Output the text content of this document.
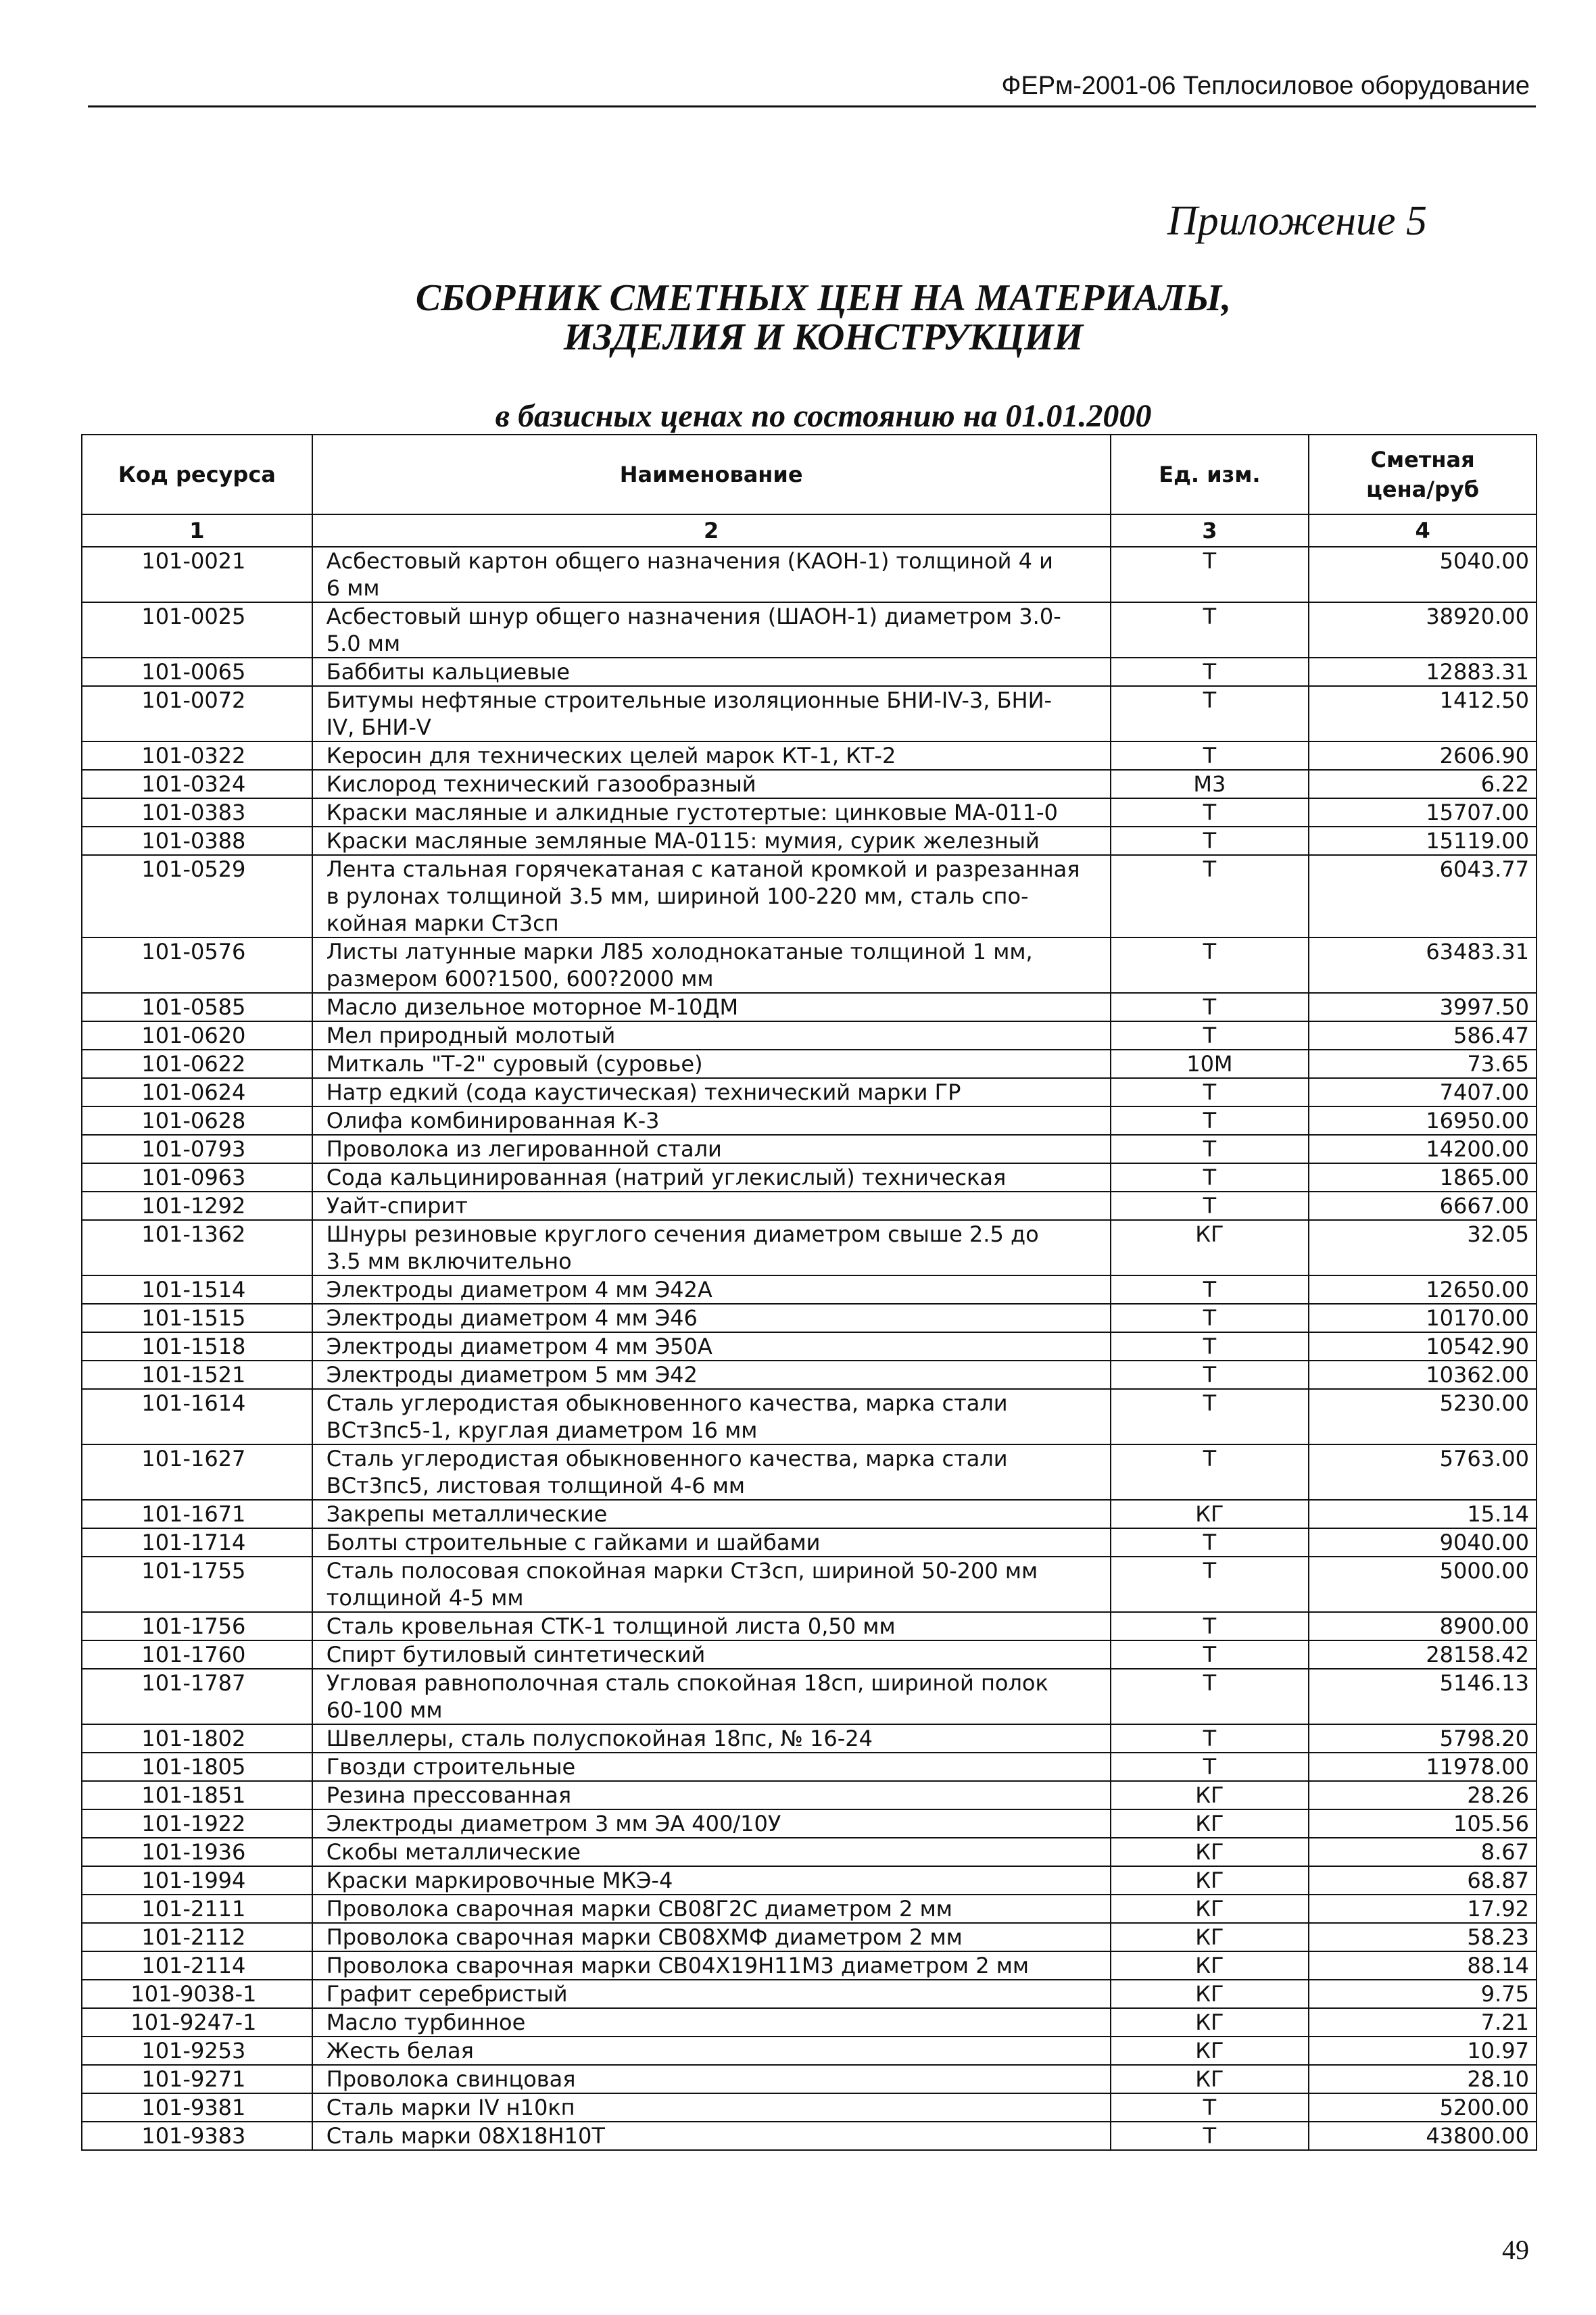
ФЕРм-2001-06 Теплосиловое оборудование
Приложение 5
СБОРНИК СМЕТНЫХ ЦЕН НА МАТЕРИАЛЫ,
ИЗДЕЛИЯ И КОНСТРУКЦИИ
в базисных ценах по состоянию на 01.01.2000
Код ресурса	Наименование	Ед. изм.	Сметная
цена/руб
1	2	3	4
101-0021	Асбестовый картон общего назначения (КАОН-1) толщиной 4 и
6 мм	Т	5040.00
101-0025	Асбестовый шнур общего назначения (ШАОН-1) диаметром 3.0-
5.0 мм	Т	38920.00
101-0065	Баббиты кальциевые	Т	12883.31
101-0072	Битумы нефтяные строительные изоляционные БНИ-IV-3, БНИ-
IV, БНИ-V	Т	1412.50
101-0322	Керосин для технических целей марок КТ-1, КТ-2	Т	2606.90
101-0324	Кислород технический газообразный	М3	6.22
101-0383	Краски масляные и алкидные густотертые: цинковые МА-011-0	Т	15707.00
101-0388	Краски масляные земляные МА-0115: мумия, сурик железный	Т	15119.00
101-0529	Лента стальная горячекатаная с катаной кромкой и разрезанная
в рулонах толщиной 3.5 мм, шириной 100-220 мм, сталь спо-
койная марки Ст3сп	Т	6043.77
101-0576	Листы латунные марки Л85 холоднокатаные толщиной 1 мм,
размером 600?1500, 600?2000 мм	Т	63483.31
101-0585	Масло дизельное моторное М-10ДМ	Т	3997.50
101-0620	Мел природный молотый	Т	586.47
101-0622	Миткаль "Т-2" суровый (суровье)	10М	73.65
101-0624	Натр едкий (сода каустическая) технический марки ГР	Т	7407.00
101-0628	Олифа комбинированная К-3	Т	16950.00
101-0793	Проволока из легированной стали	Т	14200.00
101-0963	Сода кальцинированная (натрий углекислый) техническая	Т	1865.00
101-1292	Уайт-спирит	Т	6667.00
101-1362	Шнуры резиновые круглого сечения диаметром свыше 2.5 до
3.5 мм включительно	КГ	32.05
101-1514	Электроды диаметром 4 мм Э42А	Т	12650.00
101-1515	Электроды диаметром 4 мм Э46	Т	10170.00
101-1518	Электроды диаметром 4 мм Э50А	Т	10542.90
101-1521	Электроды диаметром 5 мм Э42	Т	10362.00
101-1614	Сталь углеродистая обыкновенного качества, марка стали
ВСт3пс5-1, круглая диаметром 16 мм	Т	5230.00
101-1627	Сталь углеродистая обыкновенного качества, марка стали
ВСт3пс5, листовая толщиной 4-6 мм	Т	5763.00
101-1671	Закрепы металлические	КГ	15.14
101-1714	Болты строительные с гайками и шайбами	Т	9040.00
101-1755	Сталь полосовая спокойная марки Ст3сп, шириной 50-200 мм
толщиной 4-5 мм	Т	5000.00
101-1756	Сталь кровельная СТК-1 толщиной листа 0,50 мм	Т	8900.00
101-1760	Спирт бутиловый синтетический	Т	28158.42
101-1787	Угловая равнополочная сталь спокойная 18сп, шириной полок
60-100 мм	Т	5146.13
101-1802	Швеллеры, сталь полуспокойная 18пс, № 16-24	Т	5798.20
101-1805	Гвозди строительные	Т	11978.00
101-1851	Резина прессованная	КГ	28.26
101-1922	Электроды диаметром 3 мм ЭА 400/10У	КГ	105.56
101-1936	Скобы металлические	КГ	8.67
101-1994	Краски маркировочные МКЭ-4	КГ	68.87
101-2111	Проволока сварочная марки СВ08Г2С диаметром 2 мм	КГ	17.92
101-2112	Проволока сварочная марки СВ08ХМФ диаметром 2 мм	КГ	58.23
101-2114	Проволока сварочная марки СВ04Х19Н11М3 диаметром 2 мм	КГ	88.14
101-9038-1	Графит серебристый	КГ	9.75
101-9247-1	Масло турбинное	КГ	7.21
101-9253	Жесть белая	КГ	10.97
101-9271	Проволока свинцовая	КГ	28.10
101-9381	Сталь марки IV н10кп	Т	5200.00
101-9383	Сталь марки 08Х18Н10Т	Т	43800.00
49
